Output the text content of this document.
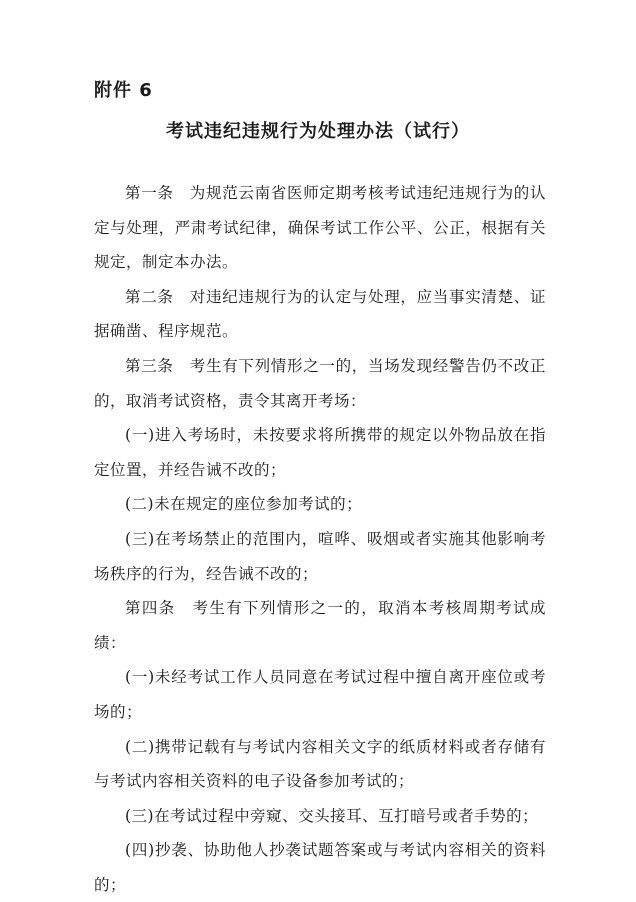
附件 6
考试违纪违规行为处理办法（试行）

第一条　为规范云南省医师定期考核考试违纪违规行为的认定与处理，严肃考试纪律，确保考试工作公平、公正，根据有关规定，制定本办法。

第二条　对违纪违规行为的认定与处理，应当事实清楚、证据确凿、程序规范。

第三条　考生有下列情形之一的，当场发现经警告仍不改正的，取消考试资格，责令其离开考场：

(一)进入考场时，未按要求将所携带的规定以外物品放在指定位置，并经告诫不改的；

(二)未在规定的座位参加考试的；

(三)在考场禁止的范围内，喧哗、吸烟或者实施其他影响考场秩序的行为，经告诫不改的；

第四条　考生有下列情形之一的，取消本考核周期考试成绩：

(一)未经考试工作人员同意在考试过程中擅自离开座位或考场的；

(二)携带记载有与考试内容相关文字的纸质材料或者存储有与考试内容相关资料的电子设备参加考试的；

(三)在考试过程中旁窥、交头接耳、互打暗号或者手势的；

(四)抄袭、协助他人抄袭试题答案或与考试内容相关的资料的；
